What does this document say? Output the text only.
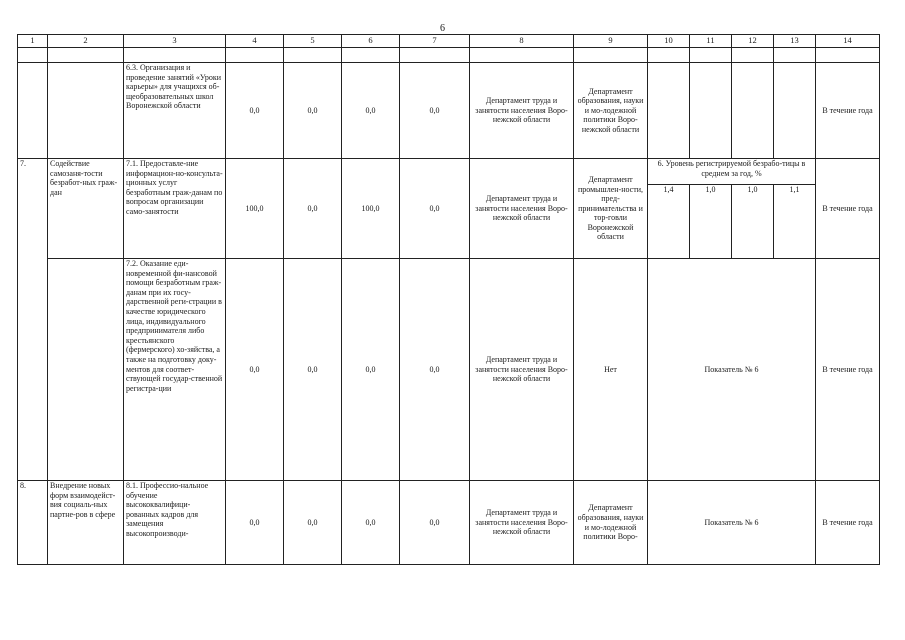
6
1	2	3	4	5	6	7	8	9	10	11	12	13	14

		6.3. Организация и проведение занятий «Уроки карьеры» для учащихся об-щеобразовательных школ Воронежской области	0,0	0,0	0,0	0,0	Департамент труда и занятости населения Воро-нежской области	Департамент образования, науки и мо-лодежной политики Воро-нежской области					В течение года
7.	Содействие самозаня-тости безработ-ных граж-дан	7.1. Предоставле-ние информацион-но-консульта-ционных услуг безработным граж-данам по вопросам организации само-занятости	100,0	0,0	100,0	0,0	Департамент труда и занятости населения Воро-нежской области	Департамент промышлен-ности, пред-принимательства и тор-говли Воронежской области	6. Уровень регистрируемой безрабо-тицы в среднем за год, %				В течение года
									1,4	1,0	1,0	1,1	
		7.2. Оказание еди-новременной фи-нансовой помощи безработным граж-данам при их госу-дарственной реги-страции в качестве юридического лица, индивидуального предпринимателя либо крестьянского (фермерского) хо-зяйства, а также на подготовку доку-ментов для соответ-ствующей государ-ственной регистра-ции	0,0	0,0	0,0	0,0	Департамент труда и занятости населения Воро-нежской области	Нет	Показатель № 6				В течение года
8.	Внедрение новых форм взаимодейст-вия социаль-ных партне-ров в сфере	8.1. Профессио-нальное обучение высококвалифици-рованных кадров для замещения высокопроизводи-	0,0	0,0	0,0	0,0	Департамент труда и занятости населения Воро-нежской области	Департамент образования, науки и мо-лодежной политики Воро-	Показатель № 6				В течение года
